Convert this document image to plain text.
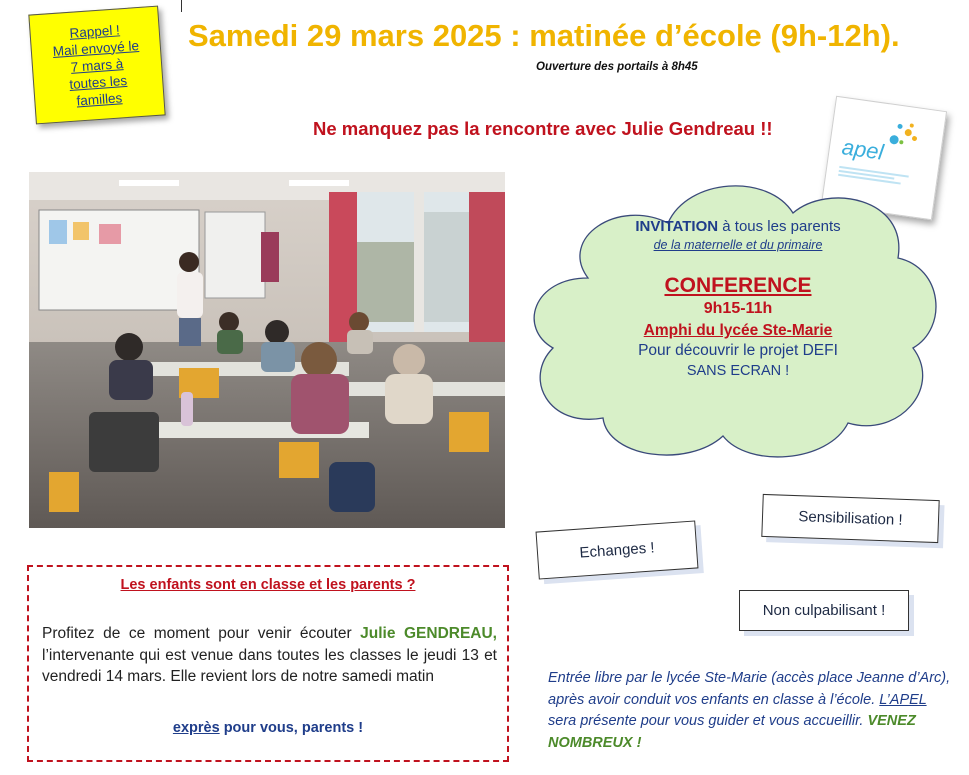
Rappel !
Mail envoyé le
7 mars à
toutes les
familles
Samedi 29 mars 2025 : matinée d’école (9h-12h).
Ouverture des portails à 8h45
Ne manquez pas la rencontre avec Julie Gendreau !!
apel
INVITATION à tous les parents
de la maternelle et du primaire
CONFERENCE
9h15-11h
Amphi du lycée Ste-Marie
Pour découvrir le projet DEFI
SANS ECRAN !
Sensibilisation !
Echanges !
Non culpabilisant !
Les enfants sont en classe et les parents ?
Profitez de ce moment pour venir écouter Julie GENDREAU, l’intervenante qui est venue dans toutes les classes le jeudi 13 et vendredi 14 mars. Elle revient lors de notre samedi matin
exprès pour vous, parents !
Entrée libre par le lycée Ste-Marie (accès place Jeanne d’Arc), après avoir conduit vos enfants en classe à l’école. L’APEL sera présente pour vous guider et vous accueillir. VENEZ NOMBREUX !
